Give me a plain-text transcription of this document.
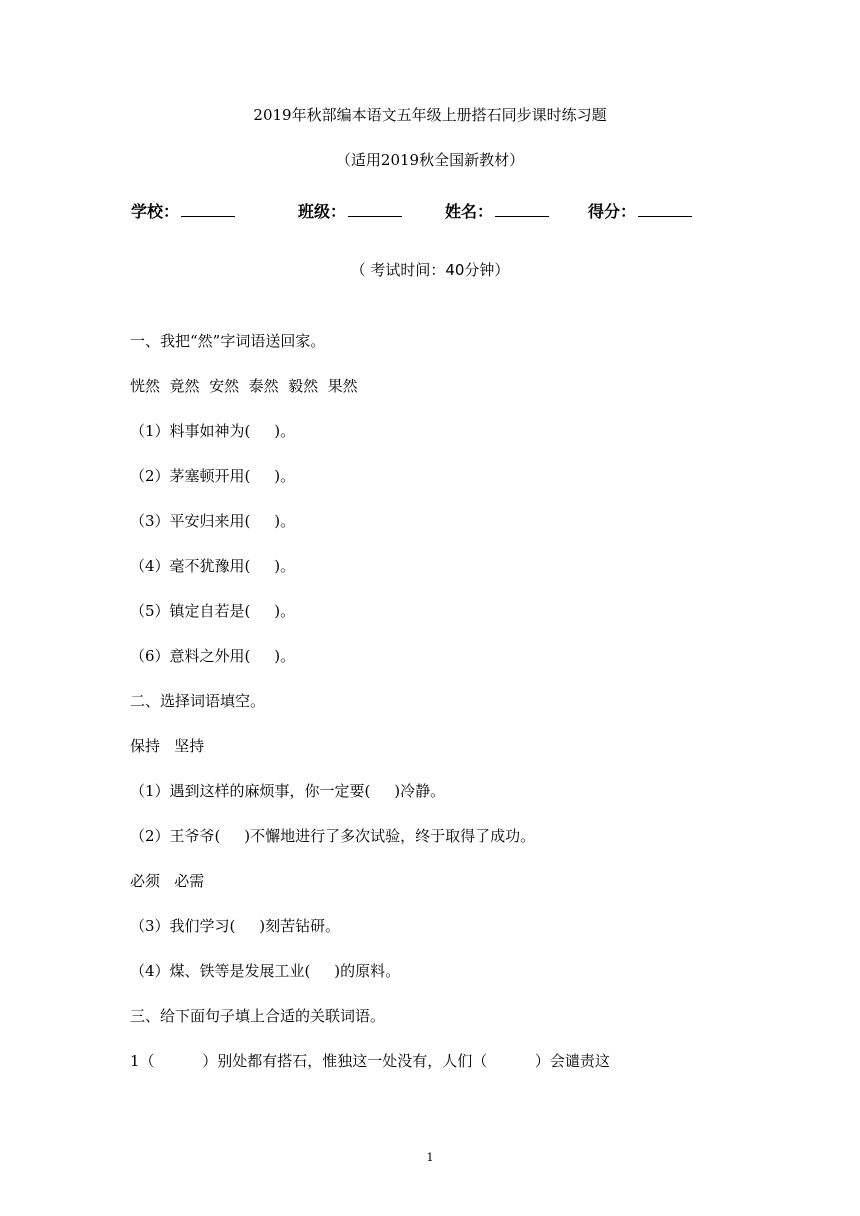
2019年秋部编本语文五年级上册搭石同步课时练习题
（适用2019秋全国新教材）
学校：	班级：	姓名：	得分：
（ 考试时间：40分钟）
一、我把“然”字词语送回家。
恍然  竟然  安然  泰然  毅然  果然
（1）料事如神为(     )。
（2）茅塞顿开用(     )。
（3）平安归来用(     )。
（4）毫不犹豫用(     )。
（5）镇定自若是(     )。
（6）意料之外用(     )。
二、选择词语填空。
保持   坚持
（1）遇到这样的麻烦事，你一定要(     )冷静。
（2）王爷爷(     )不懈地进行了多次试验，终于取得了成功。
必须   必需
（3）我们学习(     )刻苦钻研。
（4）煤、铁等是发展工业(     )的原料。
三、给下面句子填上合适的关联词语。
1（          ）别处都有搭石，惟独这一处没有，人们（          ）会谴责这
1
